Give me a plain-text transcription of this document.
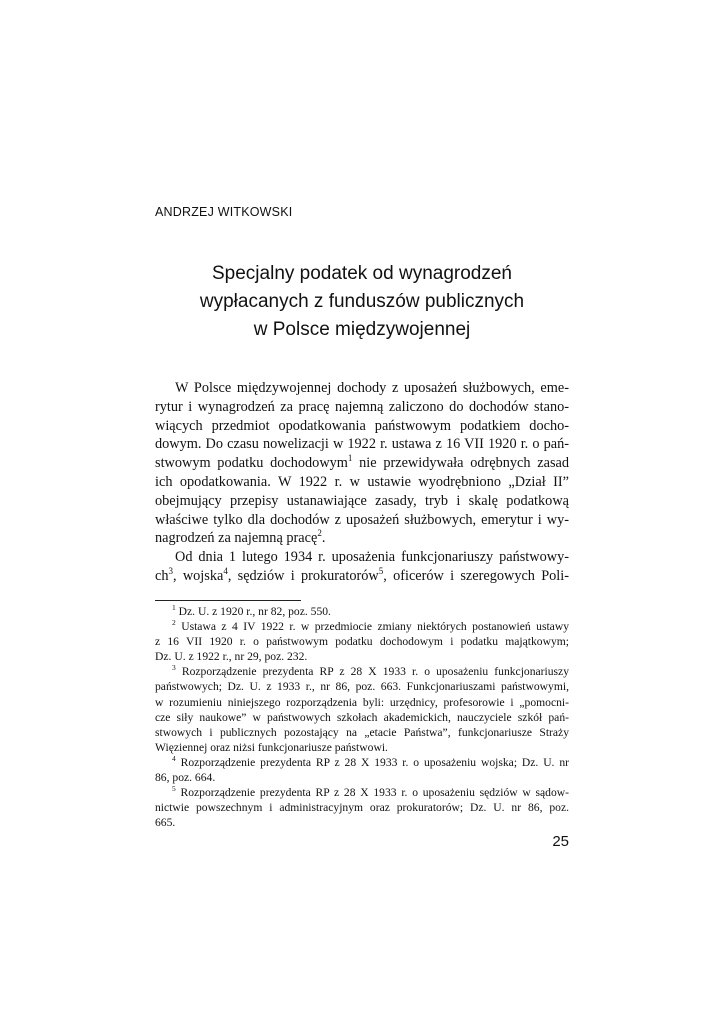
ANDRZEJ WITKOWSKI
Specjalny podatek od wynagrodzeń
wypłacanych z funduszów publicznych
w Polsce międzywojennej
W Polsce międzywojennej dochody z uposażeń służbowych, eme-
rytur i wynagrodzeń za pracę najemną zaliczono do dochodów stano-
wiących przedmiot opodatkowania państwowym podatkiem docho-
dowym. Do czasu nowelizacji w 1922 r. ustawa z 16 VII 1920 r. o pań-
stwowym podatku dochodowym$^1$ nie przewidywała odrębnych zasad
ich opodatkowania. W 1922 r. w ustawie wyodrębniono „Dział II”
obejmujący przepisy ustanawiające zasady, tryb i skalę podatkową
właściwe tylko dla dochodów z uposażeń służbowych, emerytur i wy-
nagrodzeń za najemną pracę$^2$.
Od dnia 1 lutego 1934 r. uposażenia funkcjonariuszy państwowy-
$ch^3$, wojska$^4$, sędziów i prokuratorów$^5$, oficerów i szeregowych Poli-
$^1$ Dz. U. z 1920 r., nr 82, poz. 550.
$^2$ Ustawa z 4 IV 1922 r. w przedmiocie zmiany niektórych postanowień ustawy
z 16 VII 1920 r. o państwowym podatku dochodowym i podatku majątkowym;
Dz. U. z 1922 r., nr 29, poz. 232.
$^3$ Rozporządzenie prezydenta RP z 28 X 1933 r. o uposażeniu funkcjonariuszy
państwowych; Dz. U. z 1933 r., nr 86, poz. 663. Funkcjonariuszami państwowymi,
w rozumieniu niniejszego rozporządzenia byli: urzędnicy, profesorowie i „pomocni-
cze siły naukowe” w państwowych szkołach akademickich, nauczyciele szkół pań-
stwowych i publicznych pozostający na „etacie Państwa”, funkcjonariusze Straży
Więziennej oraz niżsi funkcjonariusze państwowi.
$^4$ Rozporządzenie prezydenta RP z 28 X 1933 r. o uposażeniu wojska; Dz. U. nr
86, poz. 664.
$^5$ Rozporządzenie prezydenta RP z 28 X 1933 r. o uposażeniu sędziów w sądow-
nictwie powszechnym i administracyjnym oraz prokuratorów; Dz. U. nr 86, poz.
665.
25
